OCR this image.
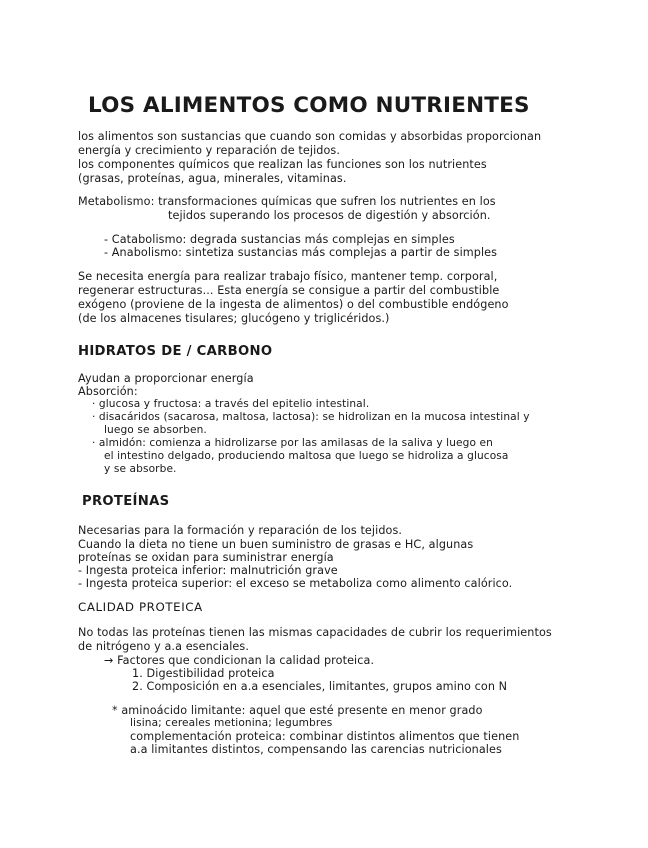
LOS ALIMENTOS COMO NUTRIENTES
los alimentos son sustancias que cuando son comidas y absorbidas proporcionan
energía y crecimiento y reparación de tejidos.
los componentes químicos que realizan las funciones son los nutrientes
(grasas, proteínas, agua, minerales, vitaminas.
Metabolismo: transformaciones químicas que sufren los nutrientes en los
tejidos superando los procesos de digestión y absorción.
- Catabolismo: degrada sustancias más complejas en simples
- Anabolismo: sintetiza sustancias más complejas a partir de simples
Se necesita energía para realizar trabajo físico, mantener temp. corporal,
regenerar estructuras... Esta energía se consigue a partir del combustible
exógeno (proviene de la ingesta de alimentos) o del combustible endógeno
(de los almacenes tisulares; glucógeno y triglicéridos.)
HIDRATOS DE / CARBONO
Ayudan a proporcionar energía
Absorción:
· glucosa y fructosa: a través del epitelio intestinal.
· disacáridos (sacarosa, maltosa, lactosa): se hidrolizan en la mucosa intestinal y
luego se absorben.
· almidón: comienza a hidrolizarse por las amilasas de la saliva y luego en
el intestino delgado, produciendo maltosa que luego se hidroliza a glucosa
y se absorbe.
PROTEÍNAS
Necesarias para la formación y reparación de los tejidos.
Cuando la dieta no tiene un buen suministro de grasas e HC, algunas
proteínas se oxidan para suministrar energía
- Ingesta proteica inferior: malnutrición grave
- Ingesta proteica superior: el exceso se metaboliza como alimento calórico.
CALIDAD PROTEICA
No todas las proteínas tienen las mismas capacidades de cubrir los requerimientos
de nitrógeno y a.a esenciales.
→ Factores que condicionan la calidad proteica.
1. Digestibilidad proteica
2. Composición en a.a esenciales, limitantes, grupos amino con N
* aminoácido limitante: aquel que esté presente en menor grado
lisina; cereales metionina; legumbres
complementación proteica: combinar distintos alimentos que tienen
a.a limitantes distintos, compensando las carencias nutricionales
